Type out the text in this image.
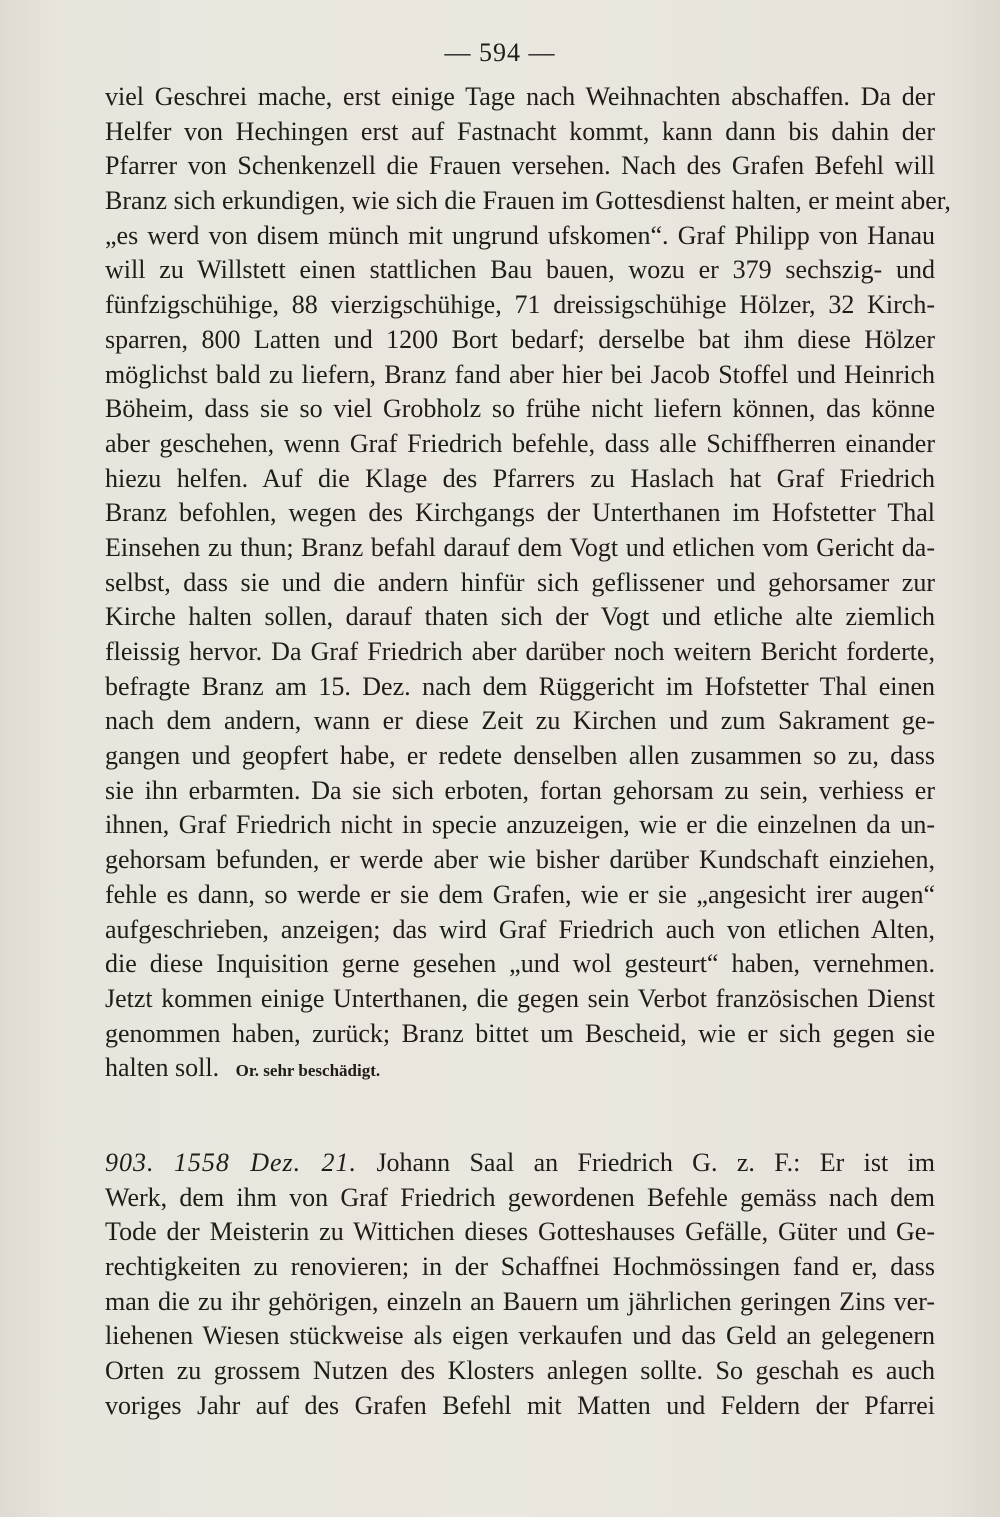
— 594 —
viel Geschrei mache, erst einige Tage nach Weihnachten abschaffen. Da der
Helfer von Hechingen erst auf Fastnacht kommt, kann dann bis dahin der
Pfarrer von Schenkenzell die Frauen versehen. Nach des Grafen Befehl will
Branz sich erkundigen, wie sich die Frauen im Gottesdienst halten, er meint aber,
„es werd von disem münch mit ungrund ufskomen“. Graf Philipp von Hanau
will zu Willstett einen stattlichen Bau bauen, wozu er 379 sechszig- und
fünfzigschühige, 88 vierzigschühige, 71 dreissigschühige Hölzer, 32 Kirch-
sparren, 800 Latten und 1200 Bort bedarf; derselbe bat ihm diese Hölzer
möglichst bald zu liefern, Branz fand aber hier bei Jacob Stoffel und Heinrich
Böheim, dass sie so viel Grobholz so frühe nicht liefern können, das könne
aber geschehen, wenn Graf Friedrich befehle, dass alle Schiffherren einander
hiezu helfen. Auf die Klage des Pfarrers zu Haslach hat Graf Friedrich
Branz befohlen, wegen des Kirchgangs der Unterthanen im Hofstetter Thal
Einsehen zu thun; Branz befahl darauf dem Vogt und etlichen vom Gericht da-
selbst, dass sie und die andern hinfür sich geflissener und gehorsamer zur
Kirche halten sollen, darauf thaten sich der Vogt und etliche alte ziemlich
fleissig hervor. Da Graf Friedrich aber darüber noch weitern Bericht forderte,
befragte Branz am 15. Dez. nach dem Rüggericht im Hofstetter Thal einen
nach dem andern, wann er diese Zeit zu Kirchen und zum Sakrament ge-
gangen und geopfert habe, er redete denselben allen zusammen so zu, dass
sie ihn erbarmten. Da sie sich erboten, fortan gehorsam zu sein, verhiess er
ihnen, Graf Friedrich nicht in specie anzuzeigen, wie er die einzelnen da un-
gehorsam befunden, er werde aber wie bisher darüber Kundschaft einziehen,
fehle es dann, so werde er sie dem Grafen, wie er sie „angesicht irer augen“
aufgeschrieben, anzeigen; das wird Graf Friedrich auch von etlichen Alten,
die diese Inquisition gerne gesehen „und wol gesteurt“ haben, vernehmen.
Jetzt kommen einige Unterthanen, die gegen sein Verbot französischen Dienst
genommen haben, zurück; Branz bittet um Bescheid, wie er sich gegen sie
halten soll. Or. sehr beschädigt.
903. 1558 Dez. 21. Johann Saal an Friedrich G. z. F.: Er ist im
Werk, dem ihm von Graf Friedrich gewordenen Befehle gemäss nach dem
Tode der Meisterin zu Wittichen dieses Gotteshauses Gefälle, Güter und Ge-
rechtigkeiten zu renovieren; in der Schaffnei Hochmössingen fand er, dass
man die zu ihr gehörigen, einzeln an Bauern um jährlichen geringen Zins ver-
liehenen Wiesen stückweise als eigen verkaufen und das Geld an gelegenern
Orten zu grossem Nutzen des Klosters anlegen sollte. So geschah es auch
voriges Jahr auf des Grafen Befehl mit Matten und Feldern der Pfarrei
